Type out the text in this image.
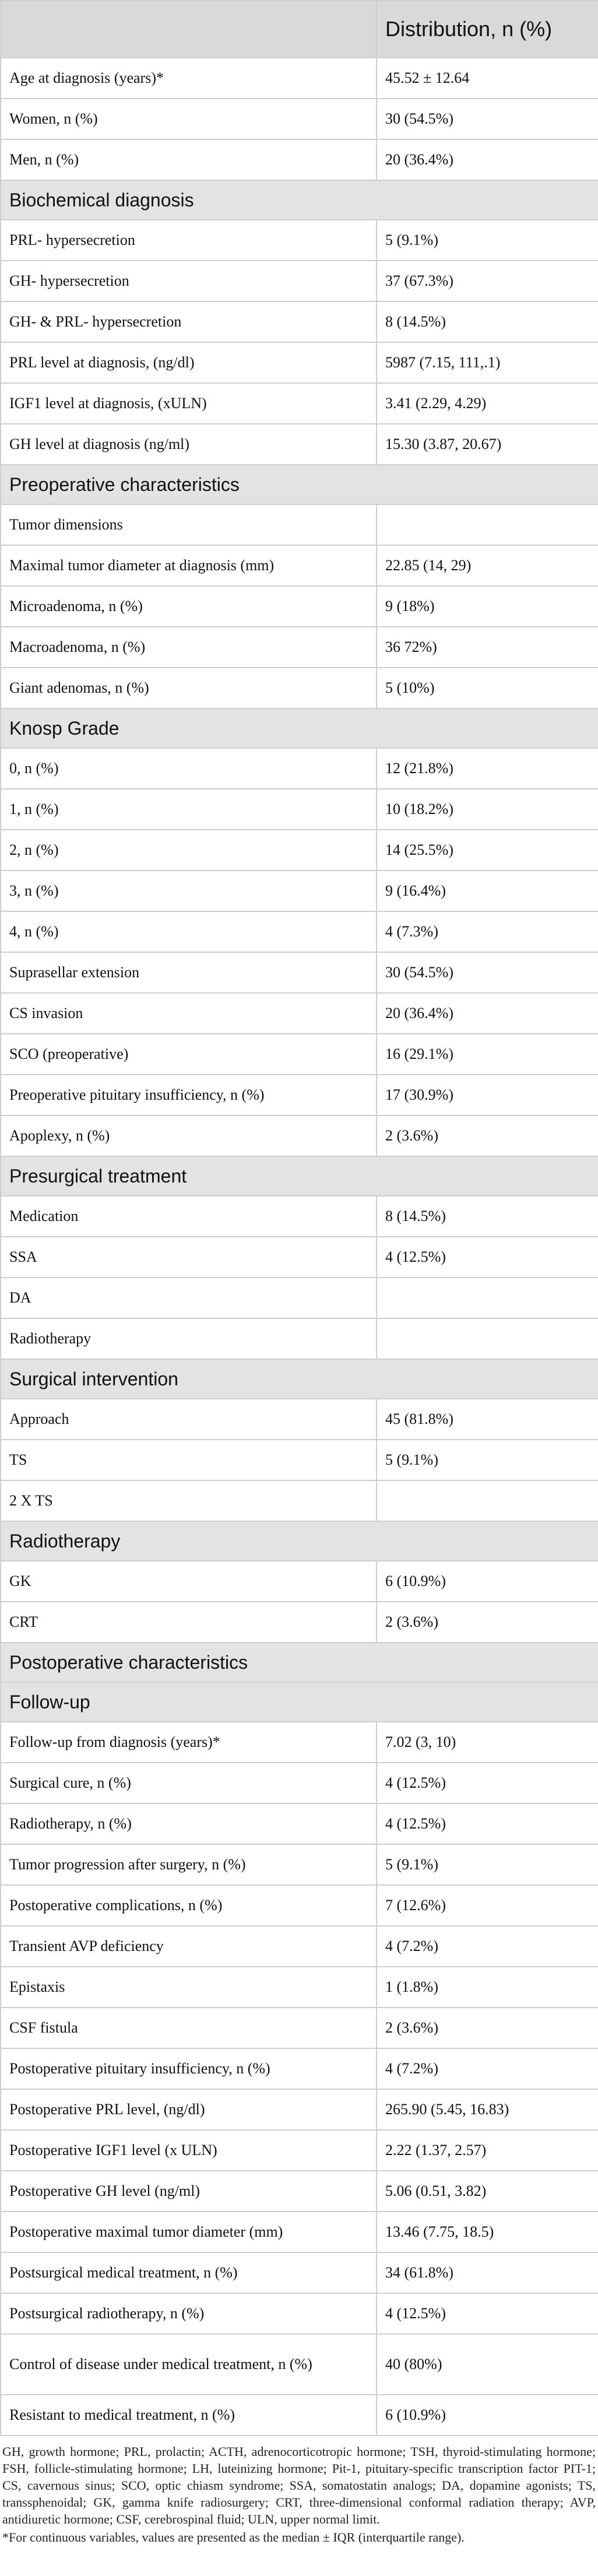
	Distribution, n (%)
Age at diagnosis (years)*	45.52 ± 12.64
Women, n (%)	30 (54.5%)
Men, n (%)	20 (36.4%)
Biochemical diagnosis	
PRL- hypersecretion	5 (9.1%)
GH- hypersecretion	37 (67.3%)
GH- & PRL- hypersecretion	8 (14.5%)
PRL level at diagnosis, (ng/dl)	5987 (7.15, 111,.1)
IGF1 level at diagnosis, (xULN)	3.41 (2.29, 4.29)
GH level at diagnosis (ng/ml)	15.30 (3.87, 20.67)
Preoperative characteristics	
Tumor dimensions	
Maximal tumor diameter at diagnosis (mm)	22.85 (14, 29)
Microadenoma, n (%)	9 (18%)
Macroadenoma, n (%)	36 72%)
Giant adenomas, n (%)	5 (10%)
Knosp Grade	
0, n (%)	12 (21.8%)
1, n (%)	10 (18.2%)
2, n (%)	14 (25.5%)
3, n (%)	9 (16.4%)
4, n (%)	4 (7.3%)
Suprasellar extension	30 (54.5%)
CS invasion	20 (36.4%)
SCO (preoperative)	16 (29.1%)
Preoperative pituitary insufficiency, n (%)	17 (30.9%)
Apoplexy, n (%)	2 (3.6%)
Presurgical treatment	
Medication	8 (14.5%)
SSA	4 (12.5%)
DA	
Radiotherapy	
Surgical intervention	
Approach	45 (81.8%)
TS	5 (9.1%)
2 X TS	
Radiotherapy	
GK	6 (10.9%)
CRT	2 (3.6%)
Postoperative characteristics	
Follow-up	
Follow-up from diagnosis (years)*	7.02 (3, 10)
Surgical cure, n (%)	4 (12.5%)
Radiotherapy, n (%)	4 (12.5%)
Tumor progression after surgery, n (%)	5 (9.1%)
Postoperative complications, n (%)	7 (12.6%)
Transient AVP deficiency	4 (7.2%)
Epistaxis	1 (1.8%)
CSF fistula	2 (3.6%)
Postoperative pituitary insufficiency, n (%)	4 (7.2%)
Postoperative PRL level, (ng/dl)	265.90 (5.45, 16.83)
Postoperative IGF1 level (x ULN)	2.22 (1.37, 2.57)
Postoperative GH level (ng/ml)	5.06 (0.51, 3.82)
Postoperative maximal tumor diameter (mm)	13.46 (7.75, 18.5)
Postsurgical medical treatment, n (%)	34 (61.8%)
Postsurgical radiotherapy, n (%)	4 (12.5%)
Control of disease under medical treatment, n (%)	40 (80%)
Resistant to medical treatment, n (%)	6 (10.9%)

GH, growth hormone; PRL, prolactin; ACTH, adrenocorticotropic hormone; TSH, thyroid-stimulating hormone; FSH, follicle-stimulating hormone; LH, luteinizing hormone; Pit-1, pituitary-specific transcription factor PIT-1; CS, cavernous sinus; SCO, optic chiasm syndrome; SSA, somatostatin analogs; DA, dopamine agonists; TS, transsphenoidal; GK, gamma knife radiosurgery; CRT, three-dimensional conformal radiation therapy; AVP, antidiuretic hormone; CSF, cerebrospinal fluid; ULN, upper normal limit.

*For continuous variables, values are presented as the median ± IQR (interquartile range).
